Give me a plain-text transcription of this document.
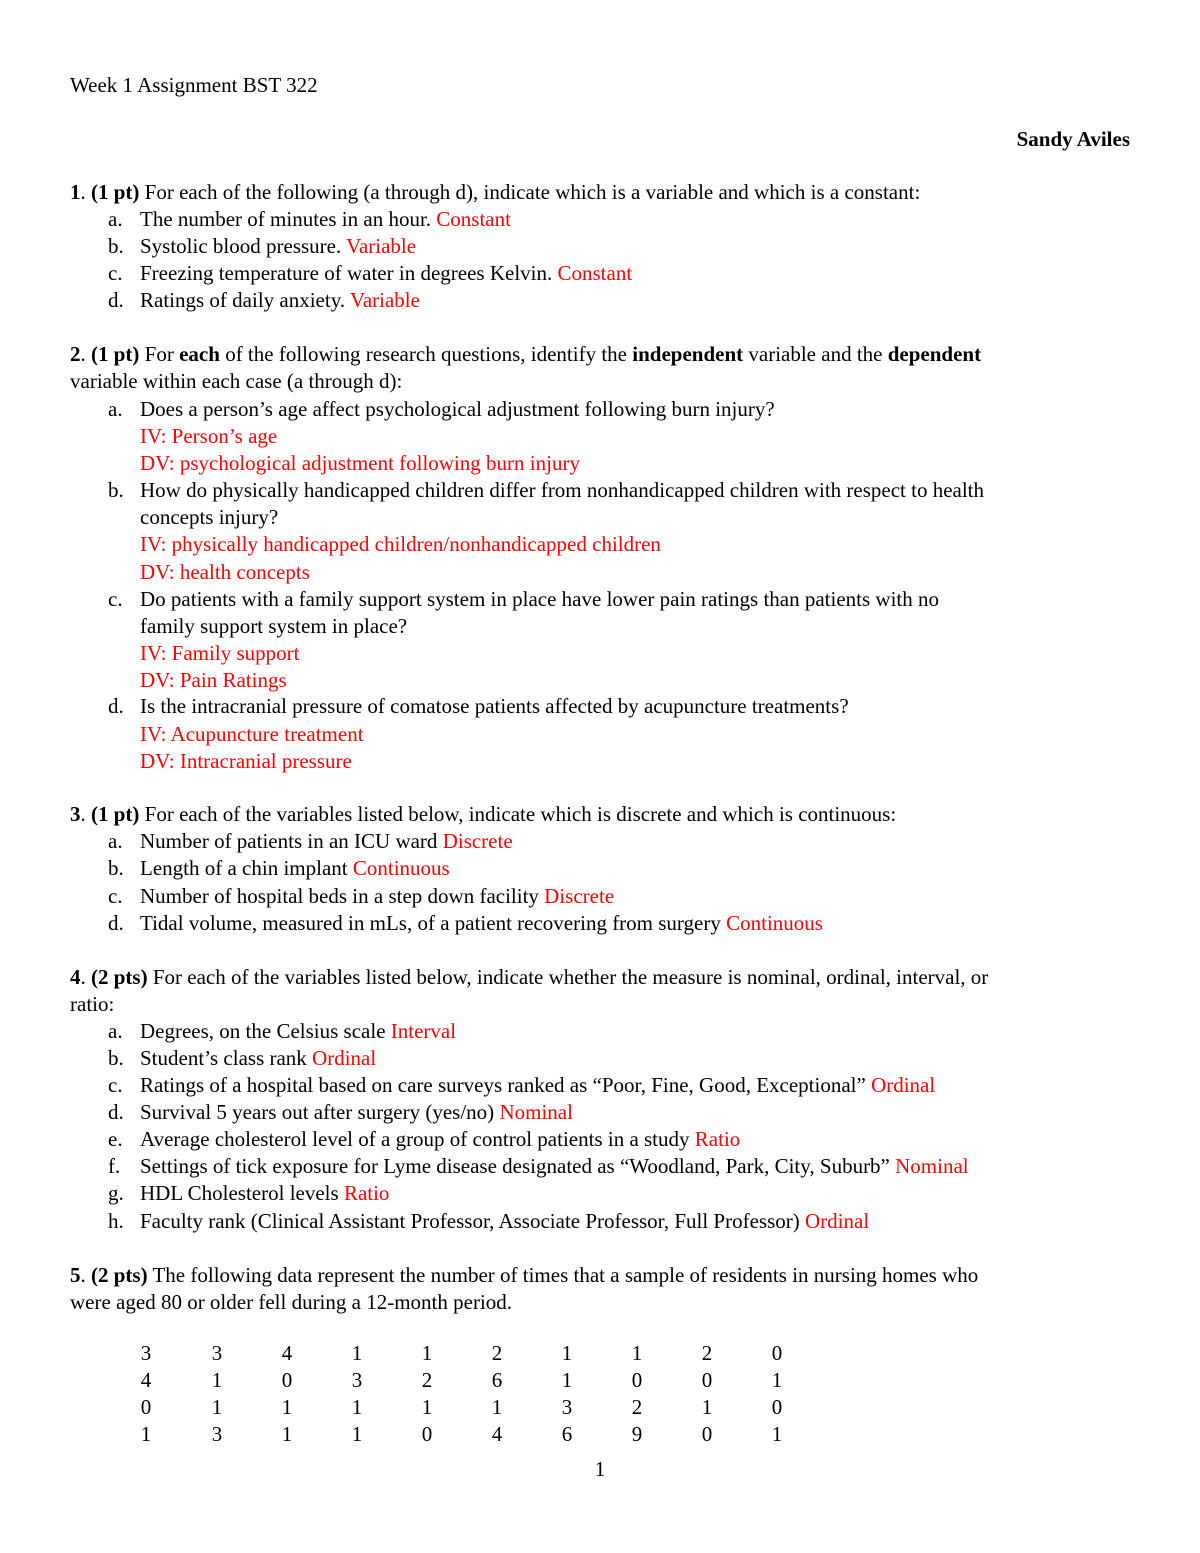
Week 1 Assignment BST 322
Sandy Aviles
1. (1 pt) For each of the following (a through d), indicate which is a variable and which is a constant:
a. The number of minutes in an hour. Constant
b. Systolic blood pressure. Variable
c. Freezing temperature of water in degrees Kelvin. Constant
d. Ratings of daily anxiety. Variable
2. (1 pt) For each of the following research questions, identify the independent variable and the dependent
variable within each case (a through d):
a. Does a person’s age affect psychological adjustment following burn injury?
IV: Person’s age
DV: psychological adjustment following burn injury
b. How do physically handicapped children differ from nonhandicapped children with respect to health
concepts injury?
IV: physically handicapped children/nonhandicapped children
DV: health concepts
c. Do patients with a family support system in place have lower pain ratings than patients with no
family support system in place?
IV: Family support
DV: Pain Ratings
d. Is the intracranial pressure of comatose patients affected by acupuncture treatments?
IV: Acupuncture treatment
DV: Intracranial pressure
3. (1 pt) For each of the variables listed below, indicate which is discrete and which is continuous:
a. Number of patients in an ICU ward Discrete
b. Length of a chin implant Continuous
c. Number of hospital beds in a step down facility Discrete
d. Tidal volume, measured in mLs, of a patient recovering from surgery Continuous
4. (2 pts) For each of the variables listed below, indicate whether the measure is nominal, ordinal, interval, or
ratio:
a. Degrees, on the Celsius scale Interval
b. Student’s class rank Ordinal
c. Ratings of a hospital based on care surveys ranked as “Poor, Fine, Good, Exceptional” Ordinal
d. Survival 5 years out after surgery (yes/no) Nominal
e. Average cholesterol level of a group of control patients in a study Ratio
f. Settings of tick exposure for Lyme disease designated as “Woodland, Park, City, Suburb” Nominal
g. HDL Cholesterol levels Ratio
h. Faculty rank (Clinical Assistant Professor, Associate Professor, Full Professor) Ordinal
5. (2 pts) The following data represent the number of times that a sample of residents in nursing homes who
were aged 80 or older fell during a 12-month period.
3	3	4	1	1	2	1	1	2	0
4	1	0	3	2	6	1	0	0	1
0	1	1	1	1	1	3	2	1	0
1	3	1	1	0	4	6	9	0	1
1
